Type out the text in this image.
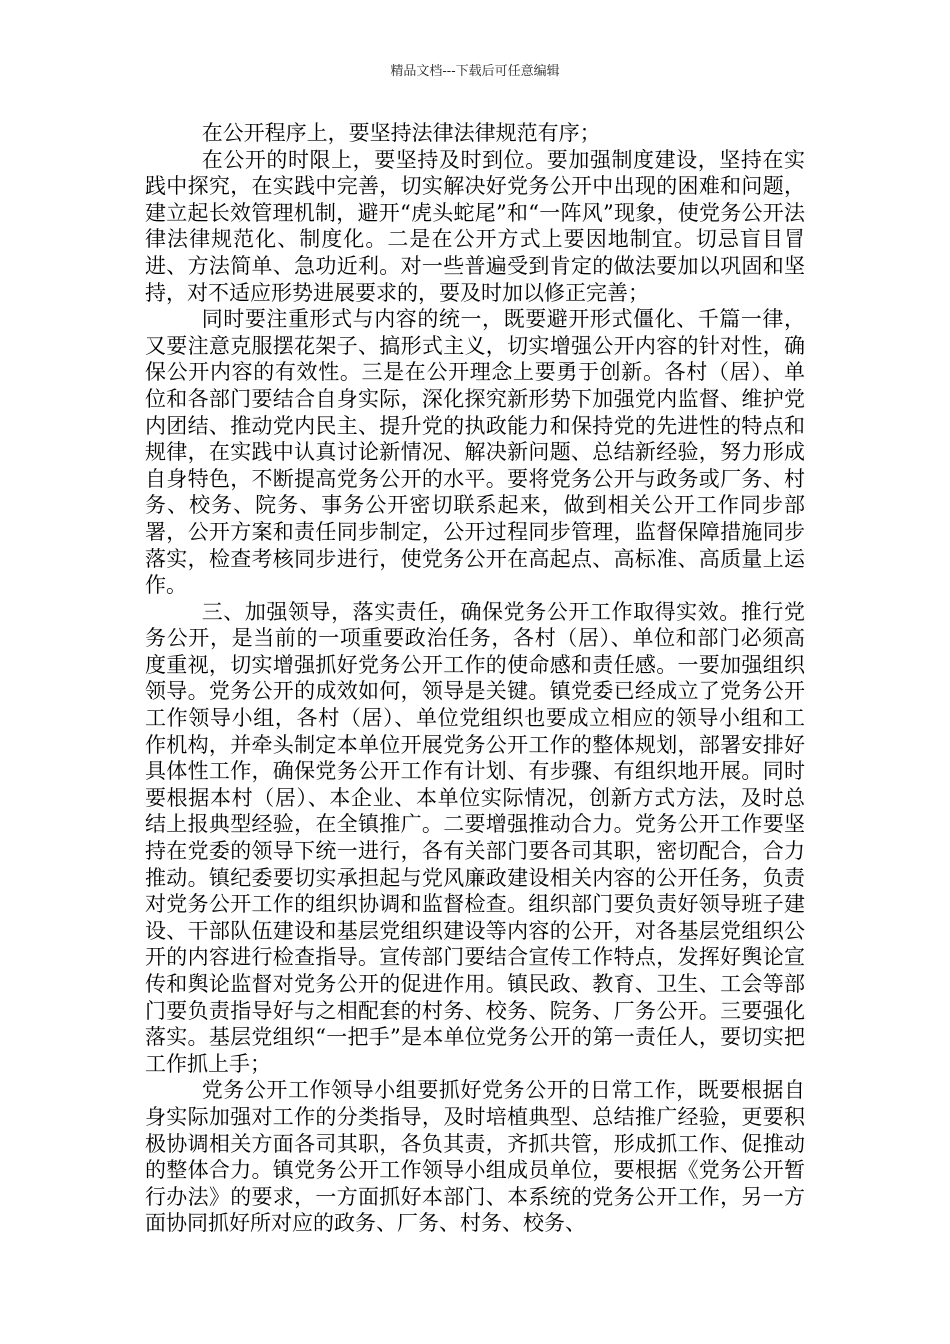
精品文档---下载后可任意编辑

在公开程序上，要坚持法律法律规范有序；

在公开的时限上，要坚持及时到位。要加强制度建设，坚持在实践中探究，在实践中完善，切实解决好党务公开中出现的困难和问题，建立起长效管理机制，避开“虎头蛇尾”和“一阵风”现象，使党务公开法律法律规范化、制度化。二是在公开方式上要因地制宜。切忌盲目冒进、方法简单、急功近利。对一些普遍受到肯定的做法要加以巩固和坚持，对不适应形势进展要求的，要及时加以修正完善；

同时要注重形式与内容的统一，既要避开形式僵化、千篇一律，又要注意克服摆花架子、搞形式主义，切实增强公开内容的针对性，确保公开内容的有效性。三是在公开理念上要勇于创新。各村（居）、单位和各部门要结合自身实际，深化探究新形势下加强党内监督、维护党内团结、推动党内民主、提升党的执政能力和保持党的先进性的特点和规律，在实践中认真讨论新情况、解决新问题、总结新经验，努力形成自身特色，不断提高党务公开的水平。要将党务公开与政务或厂务、村务、校务、院务、事务公开密切联系起来，做到相关公开工作同步部署，公开方案和责任同步制定，公开过程同步管理，监督保障措施同步落实，检查考核同步进行，使党务公开在高起点、高标准、高质量上运作。

三、加强领导，落实责任，确保党务公开工作取得实效。推行党务公开，是当前的一项重要政治任务，各村（居）、单位和部门必须高度重视，切实增强抓好党务公开工作的使命感和责任感。一要加强组织领导。党务公开的成效如何，领导是关键。镇党委已经成立了党务公开工作领导小组，各村（居）、单位党组织也要成立相应的领导小组和工作机构，并牵头制定本单位开展党务公开工作的整体规划，部署安排好具体性工作，确保党务公开工作有计划、有步骤、有组织地开展。同时要根据本村（居）、本企业、本单位实际情况，创新方式方法，及时总结上报典型经验，在全镇推广。二要增强推动合力。党务公开工作要坚持在党委的领导下统一进行，各有关部门要各司其职，密切配合，合力推动。镇纪委要切实承担起与党风廉政建设相关内容的公开任务，负责对党务公开工作的组织协调和监督检查。组织部门要负责好领导班子建设、干部队伍建设和基层党组织建设等内容的公开，对各基层党组织公开的内容进行检查指导。宣传部门要结合宣传工作特点，发挥好舆论宣传和舆论监督对党务公开的促进作用。镇民政、教育、卫生、工会等部门要负责指导好与之相配套的村务、校务、院务、厂务公开。三要强化落实。基层党组织“一把手”是本单位党务公开的第一责任人，要切实把工作抓上手；

党务公开工作领导小组要抓好党务公开的日常工作，既要根据自身实际加强对工作的分类指导，及时培植典型、总结推广经验，更要积极协调相关方面各司其职，各负其责，齐抓共管，形成抓工作、促推动的整体合力。镇党务公开工作领导小组成员单位，要根据《党务公开暂行办法》的要求，一方面抓好本部门、本系统的党务公开工作，另一方面协同抓好所对应的政务、厂务、村务、校务、
